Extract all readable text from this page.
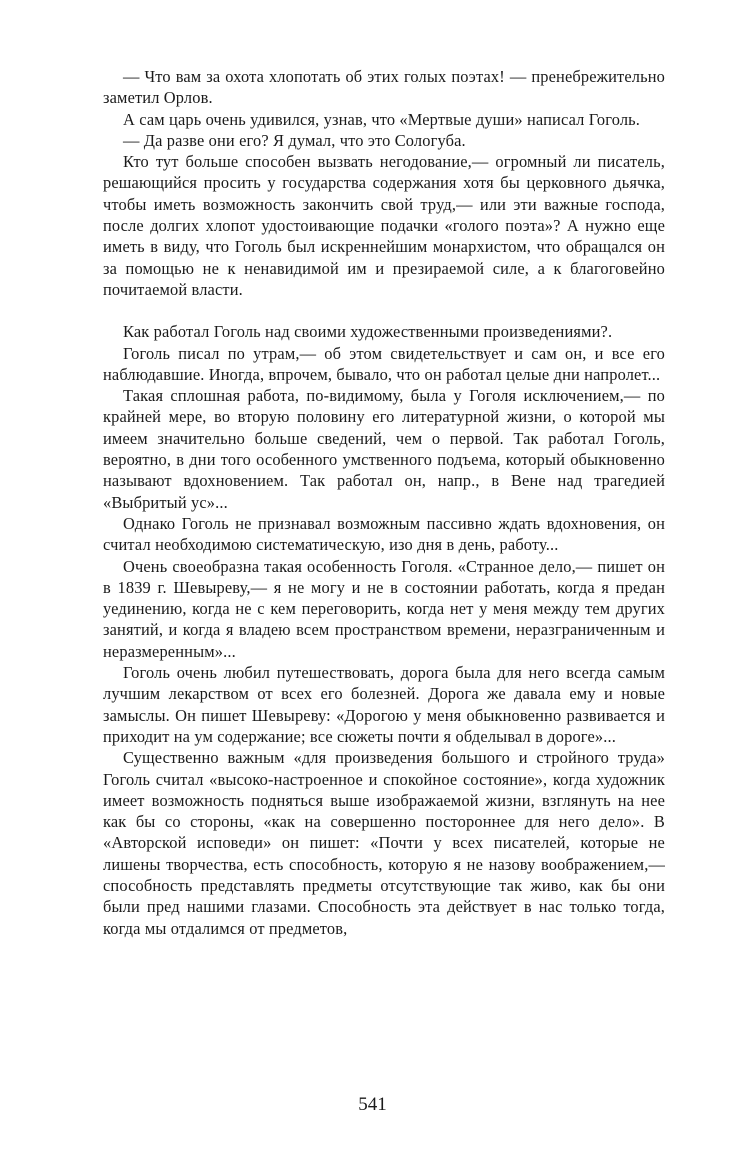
— Что вам за охота хлопотать об этих голых поэтах! — пренебрежительно заметил Орлов.

А сам царь очень удивился, узнав, что «Мертвые души» написал Гоголь.

— Да разве они его? Я думал, что это Сологуба.

Кто тут больше способен вызвать негодование,— огромный ли писатель, решающийся просить у государства содержания хотя бы церковного дьячка, чтобы иметь возможность закончить свой труд,— или эти важные господа, после долгих хлопот удостоивающие подачки «голого поэта»? А нужно еще иметь в виду, что Гоголь был искреннейшим монархистом, что обращался он за помощью не к ненавидимой им и презираемой силе, а к благоговейно почитаемой власти.

Как работал Гоголь над своими художественными произведениями?.

Гоголь писал по утрам,— об этом свидетельствует и сам он, и все его наблюдавшие. Иногда, впрочем, бывало, что он работал целые дни напролет...

Такая сплошная работа, по-видимому, была у Гоголя исключением,— по крайней мере, во вторую половину его литературной жизни, о которой мы имеем значительно больше сведений, чем о первой. Так работал Гоголь, вероятно, в дни того особенного умственного подъема, который обыкновенно называют вдохновением. Так работал он, напр., в Вене над трагедией «Выбритый ус»...

Однако Гоголь не признавал возможным пассивно ждать вдохновения, он считал необходимою систематическую, изо дня в день, работу...

Очень своеобразна такая особенность Гоголя. «Странное дело,— пишет он в 1839 г. Шевыреву,— я не могу и не в состоянии работать, когда я предан уединению, когда не с кем переговорить, когда нет у меня между тем других занятий, и когда я владею всем пространством времени, неразграниченным и неразмеренным»...

Гоголь очень любил путешествовать, дорога была для него всегда самым лучшим лекарством от всех его болезней. Дорога же давала ему и новые замыслы. Он пишет Шевыреву: «Дорогою у меня обыкновенно развивается и приходит на ум содержание; все сюжеты почти я обделывал в дороге»...

Существенно важным «для произведения большого и стройного труда» Гоголь считал «высоко-настроенное и спокойное состояние», когда художник имеет возможность подняться выше изображаемой жизни, взглянуть на нее как бы со стороны, «как на совершенно постороннее для него дело». В «Авторской исповеди» он пишет: «Почти у всех писателей, которые не лишены творчества, есть способность, которую я не назову воображением,— способность представлять предметы отсутствующие так живо, как бы они были пред нашими глазами. Способность эта действует в нас только тогда, когда мы отдалимся от предметов,

541
